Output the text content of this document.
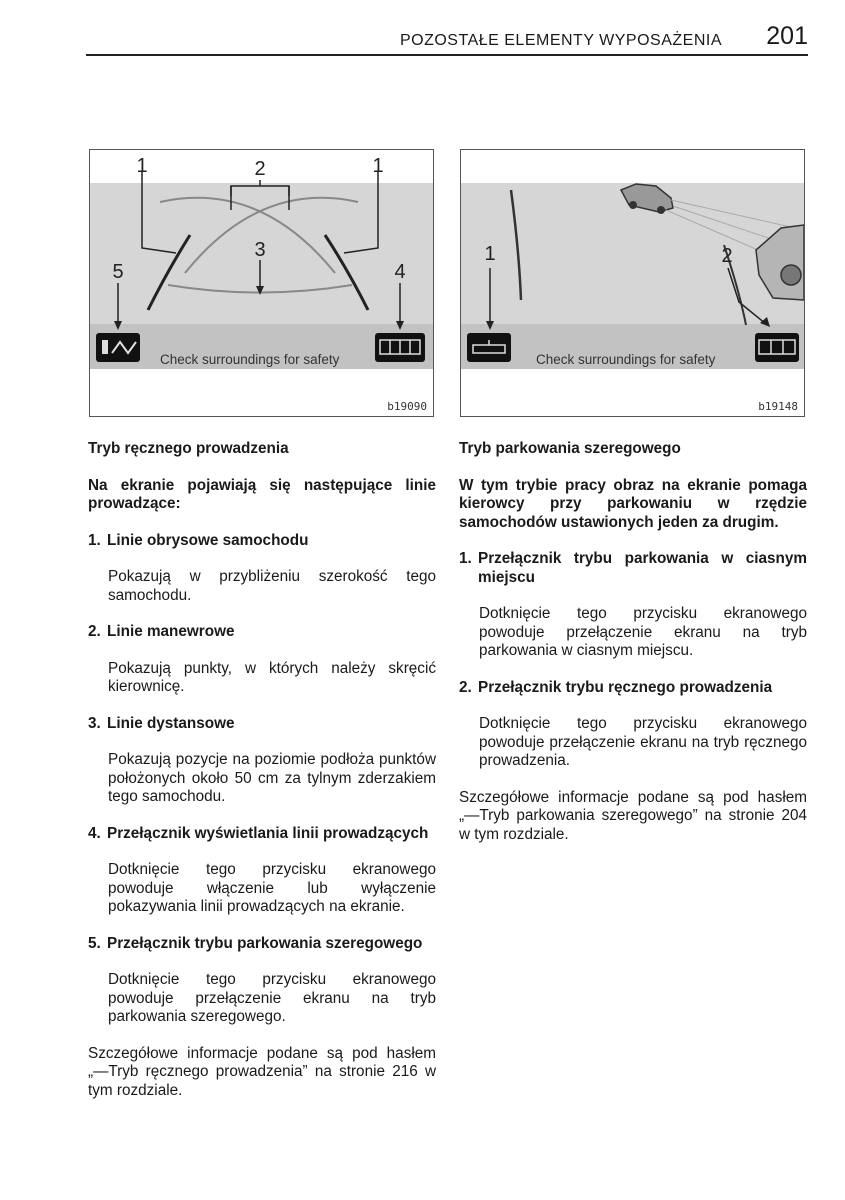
POZOSTAŁE ELEMENTY WYPOSAŻENIA 201
1	2	1
3
5	4
Check surroundings for safety
b19090
1	2
Check surroundings for safety
b19148

Tryb ręcznego prowadzenia

Na ekranie pojawiają się następujące linie prowadzące:

1. Linie obrysowe samochodu

Pokazują w przybliżeniu szerokość tego samochodu.

2. Linie manewrowe

Pokazują punkty, w których należy skręcić kierownicę.

3. Linie dystansowe

Pokazują pozycje na poziomie podłoża punktów położonych około 50 cm za tylnym zderzakiem tego samochodu.

4. Przełącznik wyświetlania linii prowadzących

Dotknięcie tego przycisku ekranowego powoduje włączenie lub wyłączenie pokazywania linii prowadzących na ekranie.

5. Przełącznik trybu parkowania szeregowego

Dotknięcie tego przycisku ekranowego powoduje przełączenie ekranu na tryb parkowania szeregowego.

Szczegółowe informacje podane są pod hasłem „—Tryb ręcznego prowadzenia” na stronie 216 w tym rozdziale.

Tryb parkowania szeregowego

W tym trybie pracy obraz na ekranie pomaga kierowcy przy parkowaniu w rzędzie samochodów ustawionych jeden za drugim.

1. Przełącznik trybu parkowania w ciasnym miejscu

Dotknięcie tego przycisku ekranowego powoduje przełączenie ekranu na tryb parkowania w ciasnym miejscu.

2. Przełącznik trybu ręcznego prowadzenia

Dotknięcie tego przycisku ekranowego powoduje przełączenie ekranu na tryb ręcznego prowadzenia.

Szczegółowe informacje podane są pod hasłem „—Tryb parkowania szeregowego” na stronie 204 w tym rozdziale.
